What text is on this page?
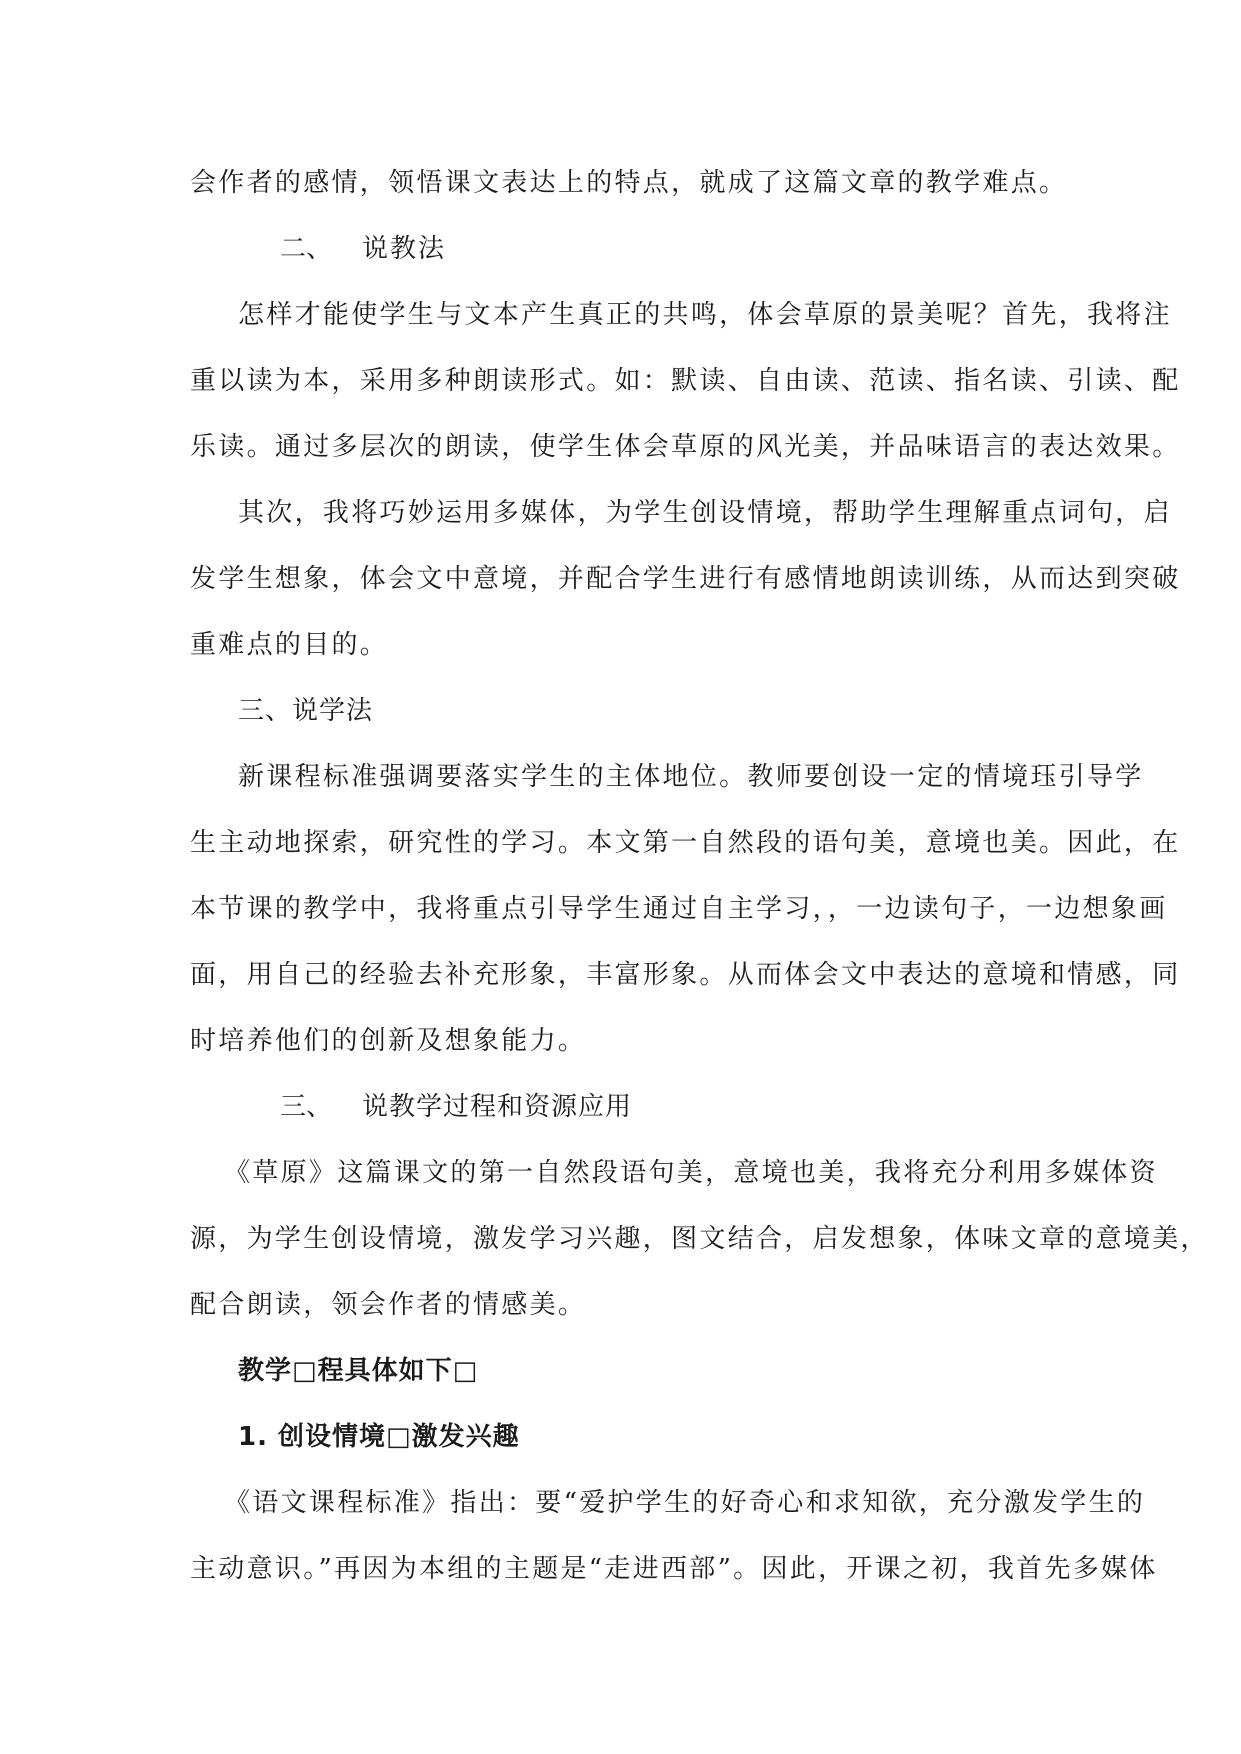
会作者的感情，领悟课文表达上的特点，就成了这篇文章的教学难点。
二、 说教法
怎样才能使学生与文本产生真正的共鸣，体会草原的景美呢？首先，我将注
重以读为本，采用多种朗读形式。如：默读、自由读、范读、指名读、引读、配
乐读。通过多层次的朗读，使学生体会草原的风光美，并品味语言的表达效果。
其次，我将巧妙运用多媒体，为学生创设情境，帮助学生理解重点词句，启
发学生想象，体会文中意境，并配合学生进行有感情地朗读训练，从而达到突破
重难点的目的。
三、说学法
新课程标准强调要落实学生的主体地位。教师要创设一定的情境珏引导学
生主动地探索，研究性的学习。本文第一自然段的语句美，意境也美。因此，在
本节课的教学中，我将重点引导学生通过自主学习，，一边读句子，一边想象画
面，用自己的经验去补充形象，丰富形象。从而体会文中表达的意境和情感，同
时培养他们的创新及想象能力。
三、 说教学过程和资源应用
《草原》这篇课文的第一自然段语句美，意境也美，我将充分利用多媒体资
源，为学生创设情境，激发学习兴趣，图文结合，启发想象，体味文章的意境美，
配合朗读，领会作者的情感美。
教学□程具体如下□
1. 创设情境□激发兴趣
《语文课程标准》指出：要“爱护学生的好奇心和求知欲，充分激发学生的
主动意识。”再因为本组的主题是“走进西部”。因此，开课之初，我首先多媒体
